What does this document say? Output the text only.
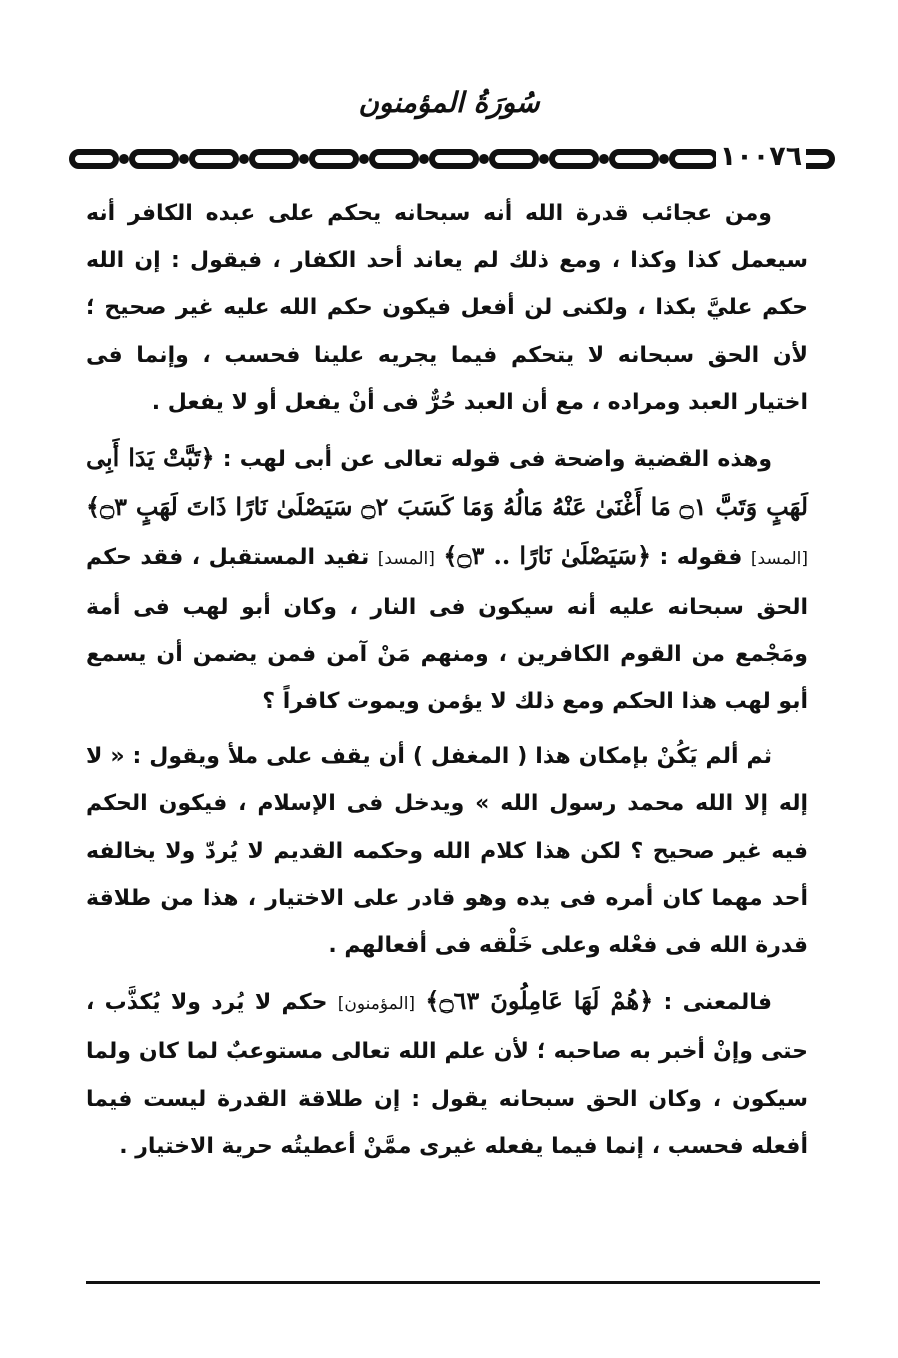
سُورَةُ المؤمنون
١٠٠٧٦

ومن عجائب قدرة الله أنه سبحانه يحكم على عبده الكافر أنه سيعمل كذا وكذا ، ومع ذلك لم يعاند أحد الكفار ، فيقول : إن الله حكم عليَّ بكذا ، ولكنى لن أفعل فيكون حكم الله عليه غير صحيح ؛ لأن الحق سبحانه لا يتحكم فيما يجريه علينا فحسب ، وإنما فى اختيار العبد ومراده ، مع أن العبد حُرٌّ فى أنْ يفعل أو لا يفعل .

وهذه القضية واضحة فى قوله تعالى عن أبى لهب : ﴿تَبَّتْ يَدَا أَبِى لَهَبٍ وَتَبَّ ۝١ مَا أَغْنَىٰ عَنْهُ مَالُهُ وَمَا كَسَبَ ۝٢ سَيَصْلَىٰ نَارًا ذَاتَ لَهَبٍ ۝٣﴾ [المسد] فقوله : ﴿سَيَصْلَىٰ نَارًا .. ۝٣﴾ [المسد] تفيد المستقبل ، فقد حكم الحق سبحانه عليه أنه سيكون فى النار ، وكان أبو لهب فى أمة ومَجْمع من القوم الكافرين ، ومنهم مَنْ آمن فمن يضمن أن يسمع أبو لهب هذا الحكم ومع ذلك لا يؤمن ويموت كافراً ؟

ثم ألم يَكُنْ بإمكان هذا ( المغفل ) أن يقف على ملأ ويقول : « لا إله إلا الله محمد رسول الله » ويدخل فى الإسلام ، فيكون الحكم فيه غير صحيح ؟ لكن هذا كلام الله وحكمه القديم لا يُردّ ولا يخالفه أحد مهما كان أمره فى يده وهو قادر على الاختيار ، هذا من طلاقة قدرة الله فى فعْله وعلى خَلْقه فى أفعالهم .

فالمعنى : ﴿هُمْ لَهَا عَامِلُونَ ۝٦٣﴾ [المؤمنون] حكم لا يُرد ولا يُكذَّب ، حتى وإنْ أخبر به صاحبه ؛ لأن علم الله تعالى مستوعبٌ لما كان ولما سيكون ، وكان الحق سبحانه يقول : إن طلاقة القدرة ليست فيما أفعله فحسب ، إنما فيما يفعله غيرى ممَّنْ أعطيتُه حرية الاختيار .
